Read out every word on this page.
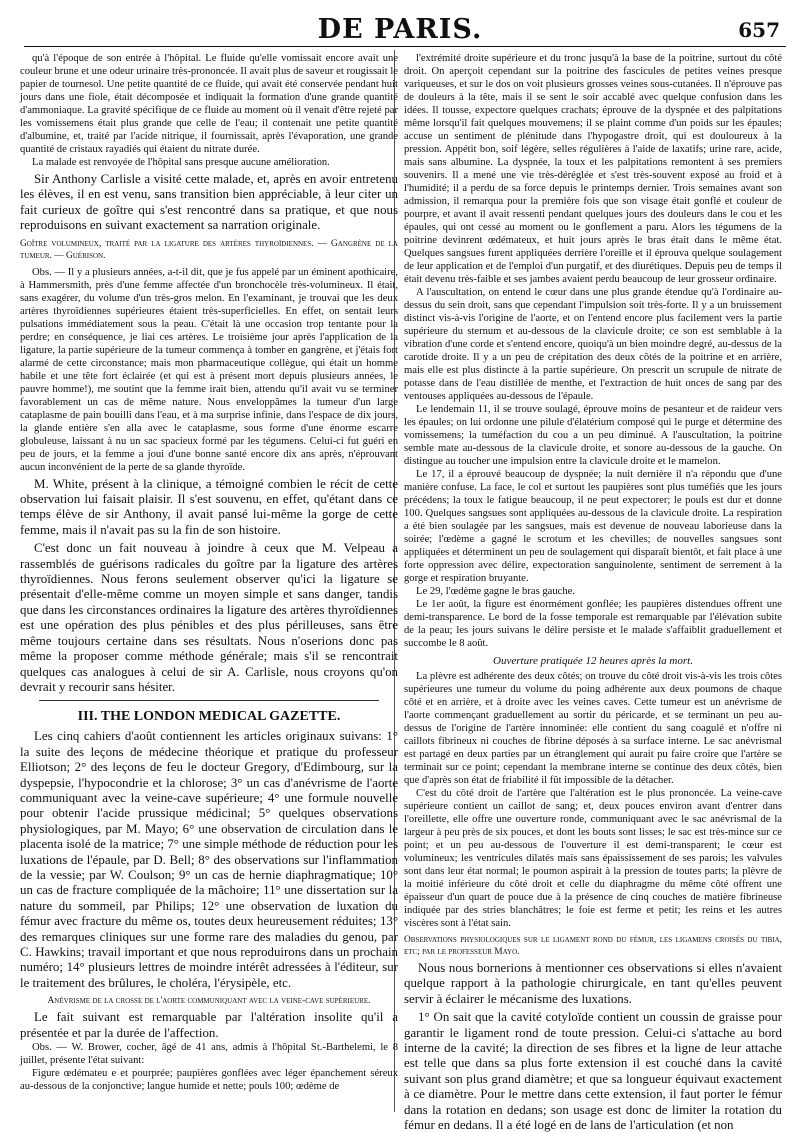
DE PARIS.	657

qu'à l'époque de son entrée à l'hôpital. Le fluide qu'elle vomissait encore avait une couleur brune et une odeur urinaire très-prononcée. Il avait plus de saveur et rougissait le papier de tournesol. Une petite quantité de ce fluide, qui avait été conservée pendant huit jours dans une fiole, était décomposée et indiquait la formation d'une grande quantité d'ammoniaque. La gravité spécifique de ce fluide au moment où il venait d'être rejeté par les vomissemens était plus grande que celle de l'eau; il contenait une petite quantité d'albumine, et, traité par l'acide nitrique, il fournissait, après l'évaporation, une grande quantité de cristaux rayadiés qui étaient du nitrate durée.

La malade est renvoyée de l'hôpital sans presque aucune amélioration.

Sir Anthony Carlisle a visité cette malade, et, après en avoir entretenu les élèves, il en est venu, sans transition bien appréciable, à leur citer un fait curieux de goître qui s'est rencontré dans sa pratique, et que nous reproduisons en suivant exactement sa narration originale.

Goître volumineux, traité par la ligature des artères thyroïdiennes. — Gangrène de la tumeur. — Guérison.

Obs. — Il y a plusieurs années, a-t-il dit, que je fus appelé par un éminent apothicaire, à Hammersmith, près d'une femme affectée d'un bronchocèle très-volumineux. Il était, sans exagérer, du volume d'un très-gros melon. En l'examinant, je trouvai que les deux artères thyroïdiennes supérieures étaient très-superficielles. En effet, on sentait leurs pulsations immédiatement sous la peau. C'était là une occasion trop tentante pour la perdre; en conséquence, je liai ces artères. Le troisième jour après l'application de la ligature, la partie supérieure de la tumeur commença à tomber en gangrène, et j'étais fort alarmé de cette circonstance; mais mon pharmaceutique collègue, qui était un homme habile et une tête fort éclairée (et qui est à présent mort depuis plusieurs années, le pauvre homme!), me soutint que la femme irait bien, attendu qu'il avait vu se terminer favorablement un cas de même nature. Nous enveloppâmes la tumeur d'un large cataplasme de pain bouilli dans l'eau, et à ma surprise infinie, dans l'espace de dix jours, la glande entière s'en alla avec le cataplasme, sous forme d'une énorme escarre globuleuse, laissant à nu un sac spacieux formé par les tégumens. Celui-ci fut guéri en peu de jours, et la femme a joui d'une bonne santé encore dix ans après, n'éprouvant aucun inconvénient de la perte de sa glande thyroïde.

M. White, présent à la clinique, a témoigné combien le récit de cette observation lui faisait plaisir. Il s'est souvenu, en effet, qu'étant dans ce temps élève de sir Anthony, il avait pansé lui-même la gorge de cette femme, mais il n'avait pas su la fin de son histoire.

C'est donc un fait nouveau à joindre à ceux que M. Velpeau a rassemblés de guérisons radicales du goître par la ligature des artères thyroïdiennes. Nous ferons seulement observer qu'ici la ligature se présentait d'elle-même comme un moyen simple et sans danger, tandis que dans les circonstances ordinaires la ligature des artères thyroïdiennes est une opération des plus pénibles et des plus périlleuses, sans être même toujours certaine dans ses résultats. Nous n'oserions donc pas même la proposer comme méthode générale; mais s'il se rencontrait quelques cas analogues à celui de sir A. Carlisle, nous croyons qu'on devrait y recourir sans hésiter.

III. THE LONDON MEDICAL GAZETTE.

Les cinq cahiers d'août contiennent les articles originaux suivans: 1° la suite des leçons de médecine théorique et pratique du professeur Elliotson; 2° des leçons de feu le docteur Gregory, d'Edimbourg, sur la dyspepsie, l'hypocondrie et la chlorose; 3° un cas d'anévrisme de l'aorte communiquant avec la veine-cave supérieure; 4° une formule nouvelle pour obtenir l'acide prussique médicinal; 5° quelques observations physiologiques, par M. Mayo; 6° une observation de circulation dans le placenta isolé de la matrice; 7° une simple méthode de réduction pour les luxations de l'épaule, par D. Bell; 8° des observations sur l'inflammation de la vessie; par W. Coulson; 9° un cas de hernie diaphragmatique; 10° un cas de fracture compliquée de la mâchoire; 11° une dissertation sur la nature du sommeil, par Philips; 12° une observation de luxation du fémur avec fracture du même os, toutes deux heureusement réduites; 13° des remarques cliniques sur une forme rare des maladies du genou, par C. Hawkins; travail important et que nous reproduirons dans un prochain numéro; 14° plusieurs lettres de moindre intérêt adressées à l'éditeur, sur le traitement des brûlures, le choléra, l'érysipèle, etc.

Anévrisme de la crosse de l'aorte communiquant avec la veine-cave supérieure.

Le fait suivant est remarquable par l'altération insolite qu'il a présentée et par la durée de l'affection.

Obs. — W. Brower, cocher, âgé de 41 ans, admis à l'hôpital St.-Barthelemi, le 8 juillet, présente l'état suivant:

Figure œdémateu e et pourprée; paupières gonflées avec léger épanchement séreux au-dessous de la conjonctive; langue humide et nette; pouls 100; œdème de

l'extrémité droite supérieure et du tronc jusqu'à la base de la poitrine, surtout du côté droit. On aperçoit cependant sur la poitrine des fascicules de petites veines presque variqueuses, et sur le dos on voit plusieurs grosses veines sous-cutanées. Il n'éprouve pas de douleurs à la tête, mais il se sent le soir accablé avec quelque confusion dans les idées. Il tousse, expectore quelques crachats; éprouve de la dyspnée et des palpitations même lorsqu'il fait quelques mouvemens; il se plaint comme d'un poids sur les épaules; accuse un sentiment de plénitude dans l'hypogastre droit, qui est douloureux à la pression. Appétit bon, soif légère, selles régulières à l'aide de laxatifs; urine rare, acide, mais sans albumine. La dyspnée, la toux et les palpitations remontent à ses premiers souvenirs. Il a mené une vie très-déréglée et s'est très-souvent exposé au froid et à l'humidité; il a perdu de sa force depuis le printemps dernier. Trois semaines avant son admission, il remarqua pour la première fois que son visage était gonflé et couleur de pourpre, et avant il avait ressenti pendant quelques jours des douleurs dans le cou et les épaules, qui ont cessé au moment ou le gonflement a paru. Alors les tégumens de la poitrine devinrent œdémateux, et huit jours après le bras était dans le même état. Quelques sangsues furent appliquées derrière l'oreille et il éprouva quelque soulagement de leur application et de l'emploi d'un purgatif, et des diurétiques. Depuis peu de temps il était devenu très-faible et ses jambes avaient perdu beaucoup de leur grosseur ordinaire.

A l'auscultation, on entend le cœur dans une plus grande étendue qu'à l'ordinaire au-dessus du sein droit, sans que cependant l'impulsion soit très-forte. Il y a un bruissement distinct vis-à-vis l'origine de l'aorte, et on l'entend encore plus facilement vers la partie supérieure du sternum et au-dessous de la clavicule droite; ce son est semblable à la vibration d'une corde et s'entend encore, quoiqu'à un bien moindre degré, au-dessus de la carotide droite. Il y a un peu de crépitation des deux côtés de la poitrine et en arrière, mais elle est plus distincte à la partie supérieure. On prescrit un scrupule de nitrate de potasse dans de l'eau distillée de menthe, et l'extraction de huit onces de sang par des ventouses appliquées au-dessous de l'épaule.

Le lendemain 11, il se trouve soulagé, éprouve moins de pesanteur et de raideur vers les épaules; on lui ordonne une pilule d'élatérium composé qui le purge et détermine des vomissemens; la tuméfaction du cou a un peu diminué. A l'auscultation, la poitrine semble mate au-dessous de la clavicule droite, et sonore au-dessous de la gauche. On distingue au toucher une impulsion entre la clavicule droite et le mamelon.

Le 17, il a éprouvé beaucoup de dyspnée; la nuit dernière il n'a répondu que d'une manière confuse. La face, le col et surtout les paupières sont plus tuméfiés que les jours précédens; la toux le fatigue beaucoup, il ne peut expectorer; le pouls est dur et donne 100. Quelques sangsues sont appliquées au-dessous de la clavicule droite. La respiration a été bien soulagée par les sangsues, mais est devenue de nouveau laborieuse dans la soirée; l'œdème a gagné le scrotum et les chevilles; de nouvelles sangsues sont appliquées et déterminent un peu de soulagement qui disparaît bientôt, et fait place à une forte oppression avec délire, expectoration sanguinolente, sentiment de serrement à la gorge et respiration bruyante.

Le 29, l'œdème gagne le bras gauche.

Le 1er août, la figure est énormément gonflée; les paupières distendues offrent une demi-transparence. Le bord de la fosse temporale est remarquable par l'élévation subite de la peau; les jours suivans le délire persiste et le malade s'affaiblit graduellement et succombe le 8 août.

Ouverture pratiquée 12 heures après la mort.

La plèvre est adhérente des deux côtés; on trouve du côté droit vis-à-vis les trois côtes supérieures une tumeur du volume du poing adhérente aux deux poumons de chaque côté et en arrière, et à droite avec les veines caves. Cette tumeur est un anévrisme de l'aorte commençant graduellement au sortir du péricarde, et se terminant un peu au-dessus de l'origine de l'artère innominée: elle contient du sang coagulé et n'offre ni caillots fibrineux ni couches de fibrine déposés à sa surface interne. Le sac anévrismal est partagé en deux parties par un étranglement qui aurait pu faire croire que l'artère se terminait sur ce point; cependant la membrane interne se continue des deux côtés, bien que d'après son état de friabilité il fût impossible de la détacher.

C'est du côté droit de l'artère que l'altération est le plus prononcée. La veine-cave supérieure contient un caillot de sang; et, deux pouces environ avant d'entrer dans l'oreillette, elle offre une ouverture ronde, communiquant avec le sac anévrismal de la largeur à peu près de six pouces, et dont les bouts sont lisses; le sac est très-mince sur ce point; et un peu au-dessous de l'ouverture il est demi-transparent; le cœur est volumineux; les ventricules dilatés mais sans épaississement de ses parois; les valvules sont dans leur état normal; le poumon aspirait à la pression de toutes parts; la plèvre de la moitié inférieure du côté droit et celle du diaphragme du même côté offrent une épaisseur d'un quart de pouce due à la présence de cinq couches de matière fibrineuse indiquée par des stries blanchâtres; le foie est ferme et petit; les reins et les autres viscères sont à l'état sain.

Observations physiologiques sur le ligament rond du fémur, les ligamens croisés du tibia, etc; par le professeur Mayo.

Nous nous bornerions à mentionner ces observations si elles n'avaient quelque rapport à la pathologie chirurgicale, en tant qu'elles peuvent servir à éclairer le mécanisme des luxations.

1° On sait que la cavité cotyloïde contient un coussin de graisse pour garantir le ligament rond de toute pression. Celui-ci s'attache au bord interne de la cavité; la direction de ses fibres et la ligne de leur attache est telle que dans sa plus forte extension il est couché dans la cavité suivant son plus grand diamètre; et que sa longueur équivaut exactement à ce diamètre. Pour le mettre dans cette extension, il faut porter le fémur dans la rotation en dedans; son usage est donc de limiter la rotation du fémur en dedans. Il a été logé en de lans de l'articulation (et non
